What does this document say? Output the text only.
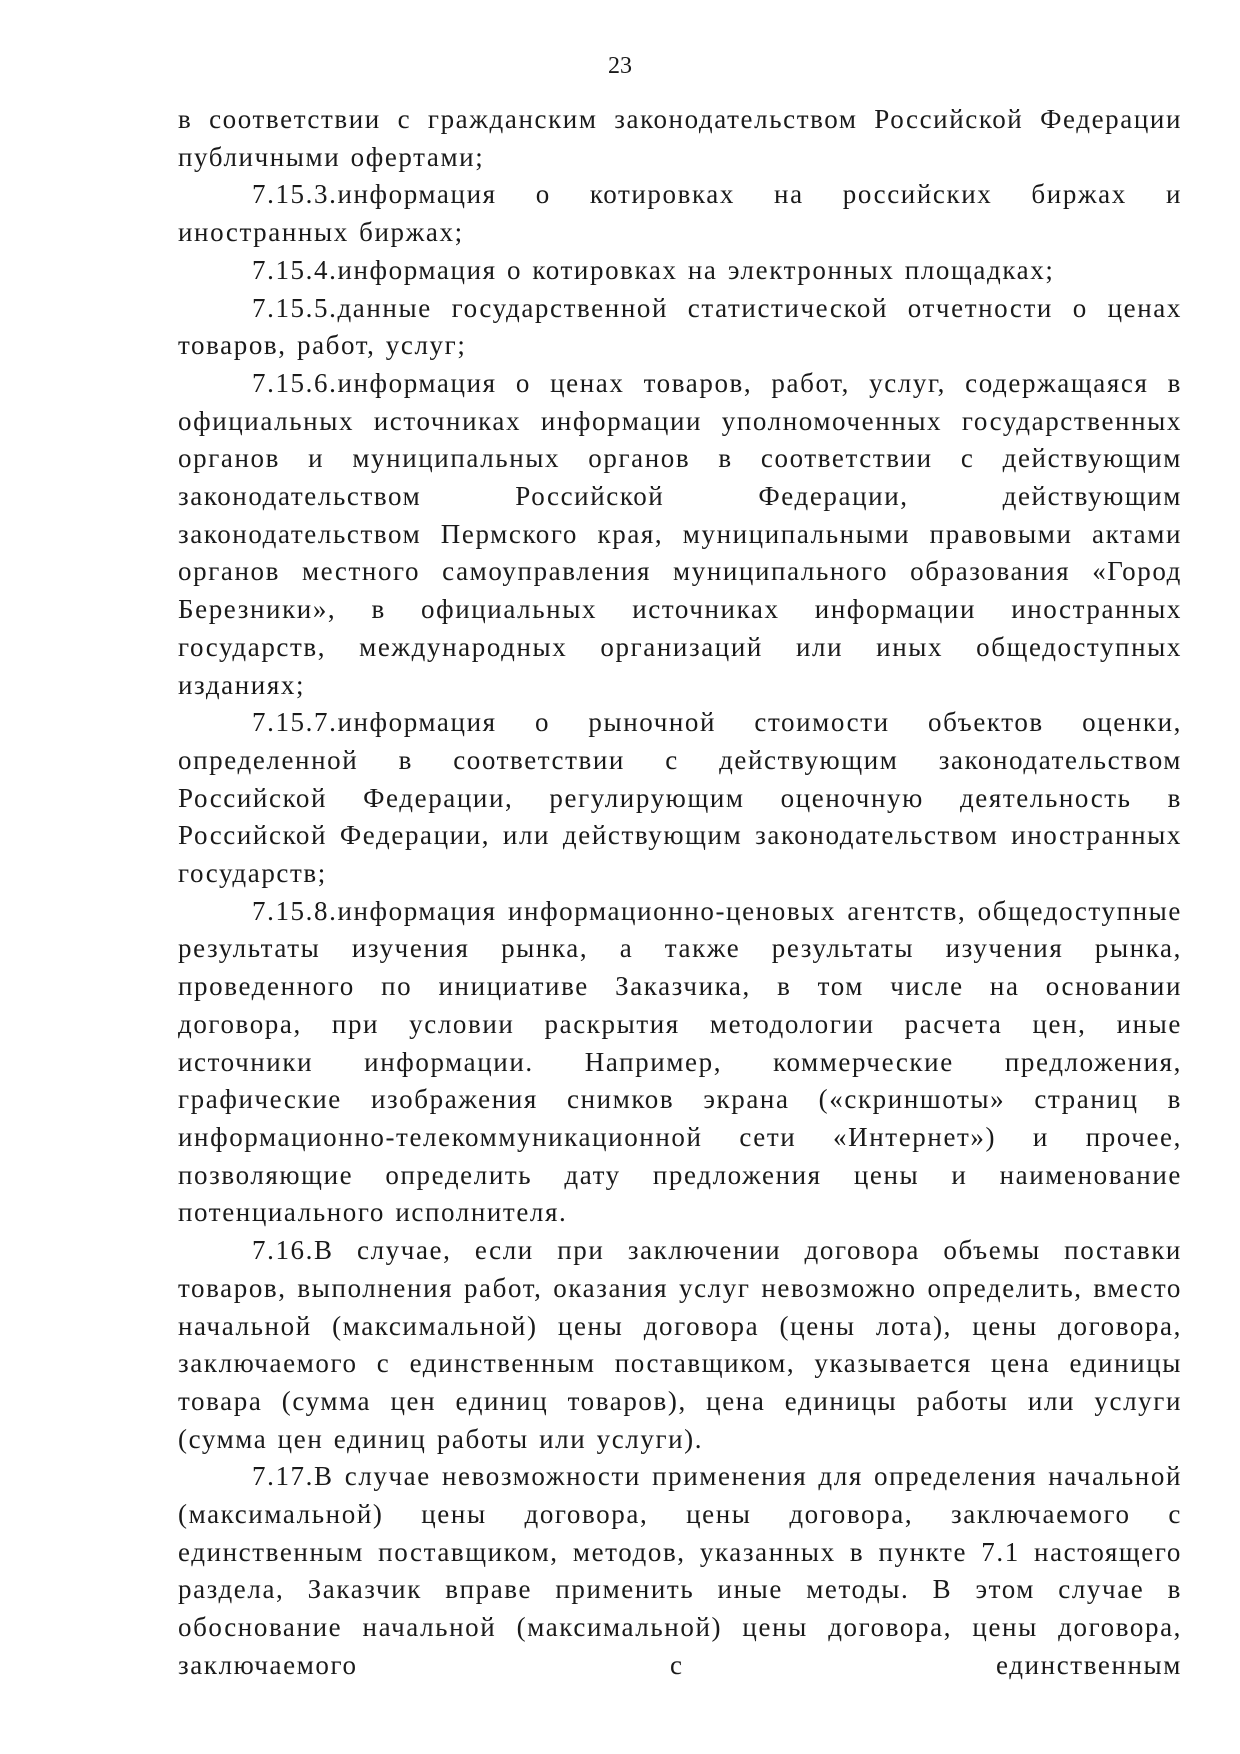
23

в соответствии с гражданским законодательством Российской Федерации публичными офертами;

7.15.3.информация о котировках на российских биржах и иностранных биржах;

7.15.4.информация о котировках на электронных площадках;

7.15.5.данные государственной статистической отчетности о ценах товаров, работ, услуг;

7.15.6.информация о ценах товаров, работ, услуг, содержащаяся в официальных источниках информации уполномоченных государственных органов и муниципальных органов в соответствии с действующим законодательством Российской Федерации, действующим законодательством Пермского края, муниципальными правовыми актами органов местного самоуправления муниципального образования «Город Березники», в официальных источниках информации иностранных государств, международных организаций или иных общедоступных изданиях;

7.15.7.информация о рыночной стоимости объектов оценки, определенной в соответствии с действующим законодательством Российской Федерации, регулирующим оценочную деятельность в Российской Федерации, или действующим законодательством иностранных государств;

7.15.8.информация информационно-ценовых агентств, общедоступные результаты изучения рынка, а также результаты изучения рынка, проведенного по инициативе Заказчика, в том числе на основании договора, при условии раскрытия методологии расчета цен, иные источники информации. Например, коммерческие предложения, графические изображения снимков экрана («скриншоты» страниц в информационно-телекоммуникационной сети «Интернет») и прочее, позволяющие определить дату предложения цены и наименование потенциального исполнителя.

7.16.В случае, если при заключении договора объемы поставки товаров, выполнения работ, оказания услуг невозможно определить, вместо начальной (максимальной) цены договора (цены лота), цены договора, заключаемого с единственным поставщиком, указывается цена единицы товара (сумма цен единиц товаров), цена единицы работы или услуги (сумма цен единиц работы или услуги).

7.17.В случае невозможности применения для определения начальной (максимальной) цены договора, цены договора, заключаемого с единственным поставщиком, методов, указанных в пункте 7.1 настоящего раздела, Заказчик вправе применить иные методы. В этом случае в обоснование начальной (максимальной) цены договора, цены договора, заключаемого с единственным
